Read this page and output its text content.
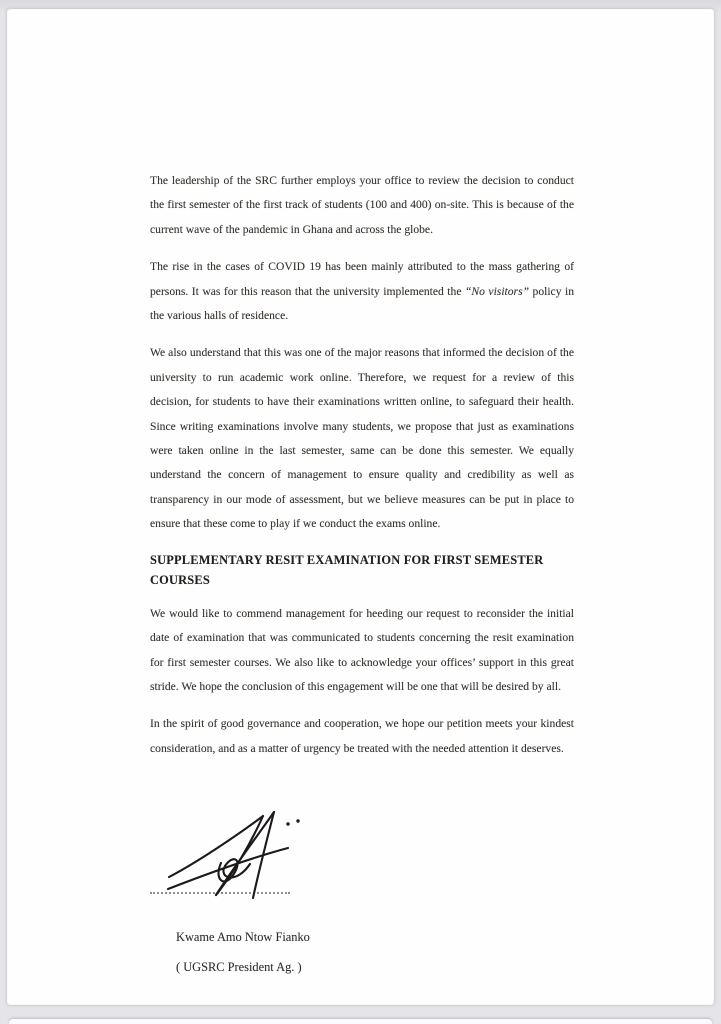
The leadership of the SRC further employs your office to review the decision to conduct the first semester of the first track of students (100 and 400) on-site. This is because of the current wave of the pandemic in Ghana and across the globe.

The rise in the cases of COVID 19 has been mainly attributed to the mass gathering of persons. It was for this reason that the university implemented the “No visitors” policy in the various halls of residence.

We also understand that this was one of the major reasons that informed the decision of the university to run academic work online. Therefore, we request for a review of this decision, for students to have their examinations written online, to safeguard their health. Since writing examinations involve many students, we propose that just as examinations were taken online in the last semester, same can be done this semester. We equally understand the concern of management to ensure quality and credibility as well as transparency in our mode of assessment, but we believe measures can be put in place to ensure that these come to play if we conduct the exams online.

SUPPLEMENTARY RESIT EXAMINATION FOR FIRST SEMESTER COURSES

We would like to commend management for heeding our request to reconsider the initial date of examination that was communicated to students concerning the resit examination for first semester courses. We also like to acknowledge your offices’ support in this great stride. We hope the conclusion of this engagement will be one that will be desired by all.

In the spirit of good governance and cooperation, we hope our petition meets your kindest consideration, and as a matter of urgency be treated with the needed attention it deserves.

Kwame Amo Ntow Fianko
( UGSRC President Ag. )
